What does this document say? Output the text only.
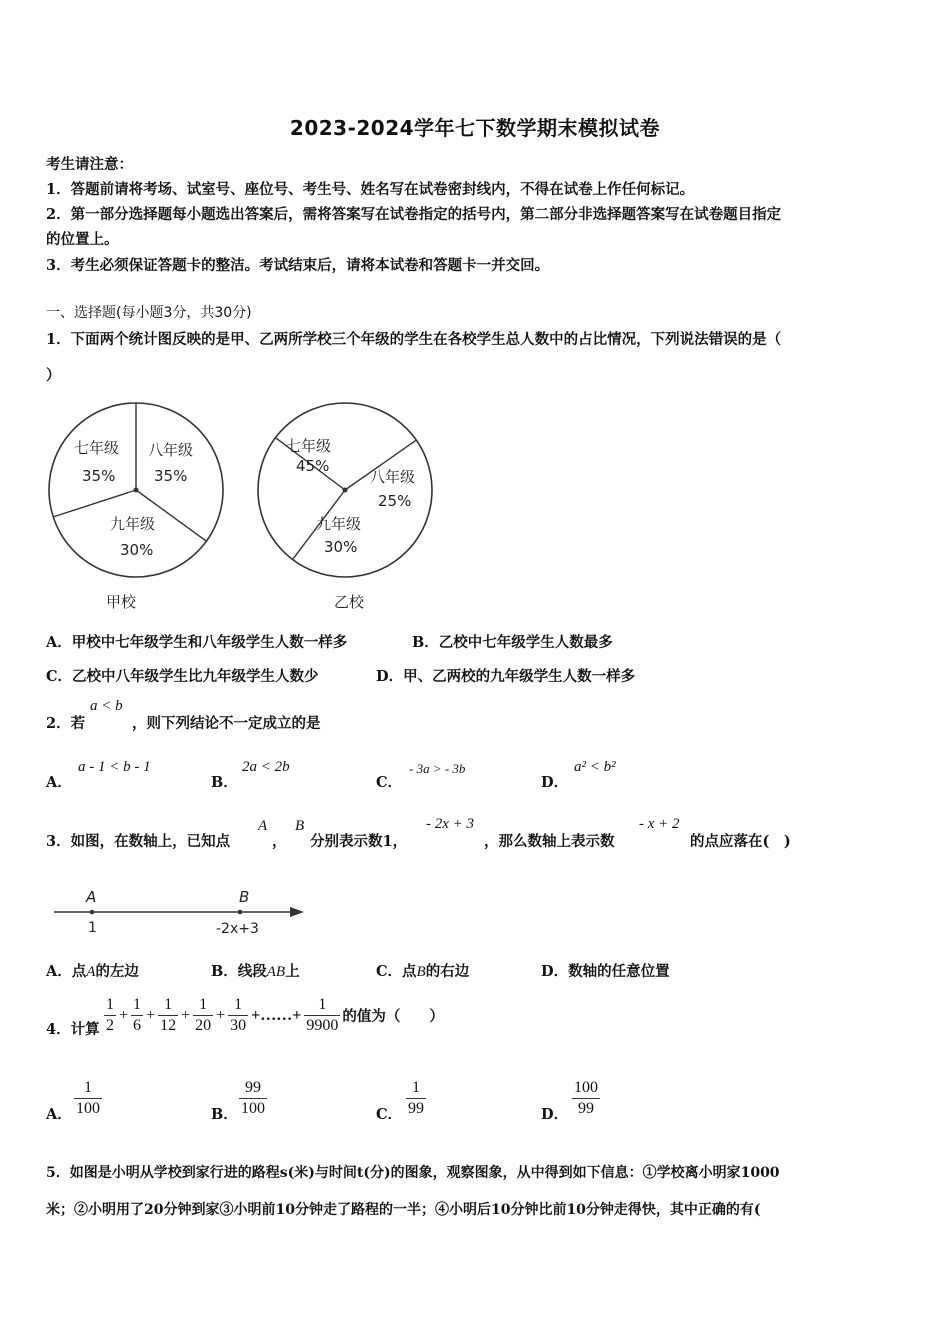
2023-2024学年七下数学期末模拟试卷
考生请注意：
1．答题前请将考场、试室号、座位号、考生号、姓名写在试卷密封线内，不得在试卷上作任何标记。
2．第一部分选择题每小题选出答案后，需将答案写在试卷指定的括号内，第二部分非选择题答案写在试卷题目指定
的位置上。
3．考生必须保证答题卡的整洁。考试结束后，请将本试卷和答题卡一并交回。
一、选择题(每小题3分，共30分)
1．下面两个统计图反映的是甲、乙两所学校三个年级的学生在各校学生总人数中的占比情况，下列说法错误的是（
）
七年级
35%
八年级
35%
九年级
30%
甲校
七年级
45%
八年级
25%
九年级
30%
乙校
A．甲校中七年级学生和八年级学生人数一样多	B．乙校中七年级学生人数最多
C．乙校中八年级学生比九年级学生人数少	D．甲、乙两校的九年级学生人数一样多
2．若
a < b
，则下列结论不一定成立的是
A．
a - 1 < b - 1
B．
2a < 2b
C．
- 3a > - 3b
D．
a² < b²
3．如图，在数轴上，已知点
A
，
B
分别表示数1，
- 2x + 3
，那么数轴上表示数
- x + 2
的点应落在(　)
A	B
1	-2x+3
A．点A的左边	B．线段AB上	C．点B的右边	D．数轴的任意位置
4．计算 $\frac{1}{2} + \frac{1}{6} + \frac{1}{12} + \frac{1}{20} + \frac{1}{30}$ +……+ $\frac{1}{9900}$ 的值为（　　）
A． $\frac{1}{100}$	B． $\frac{99}{100}$	C． $\frac{1}{99}$	D． $\frac{100}{99}$
5．如图是小明从学校到家行进的路程s(米)与时间t(分)的图象，观察图象，从中得到如下信息：①学校离小明家1000
米；②小明用了20分钟到家③小明前10分钟走了路程的一半；④小明后10分钟比前10分钟走得快，其中正确的有(
